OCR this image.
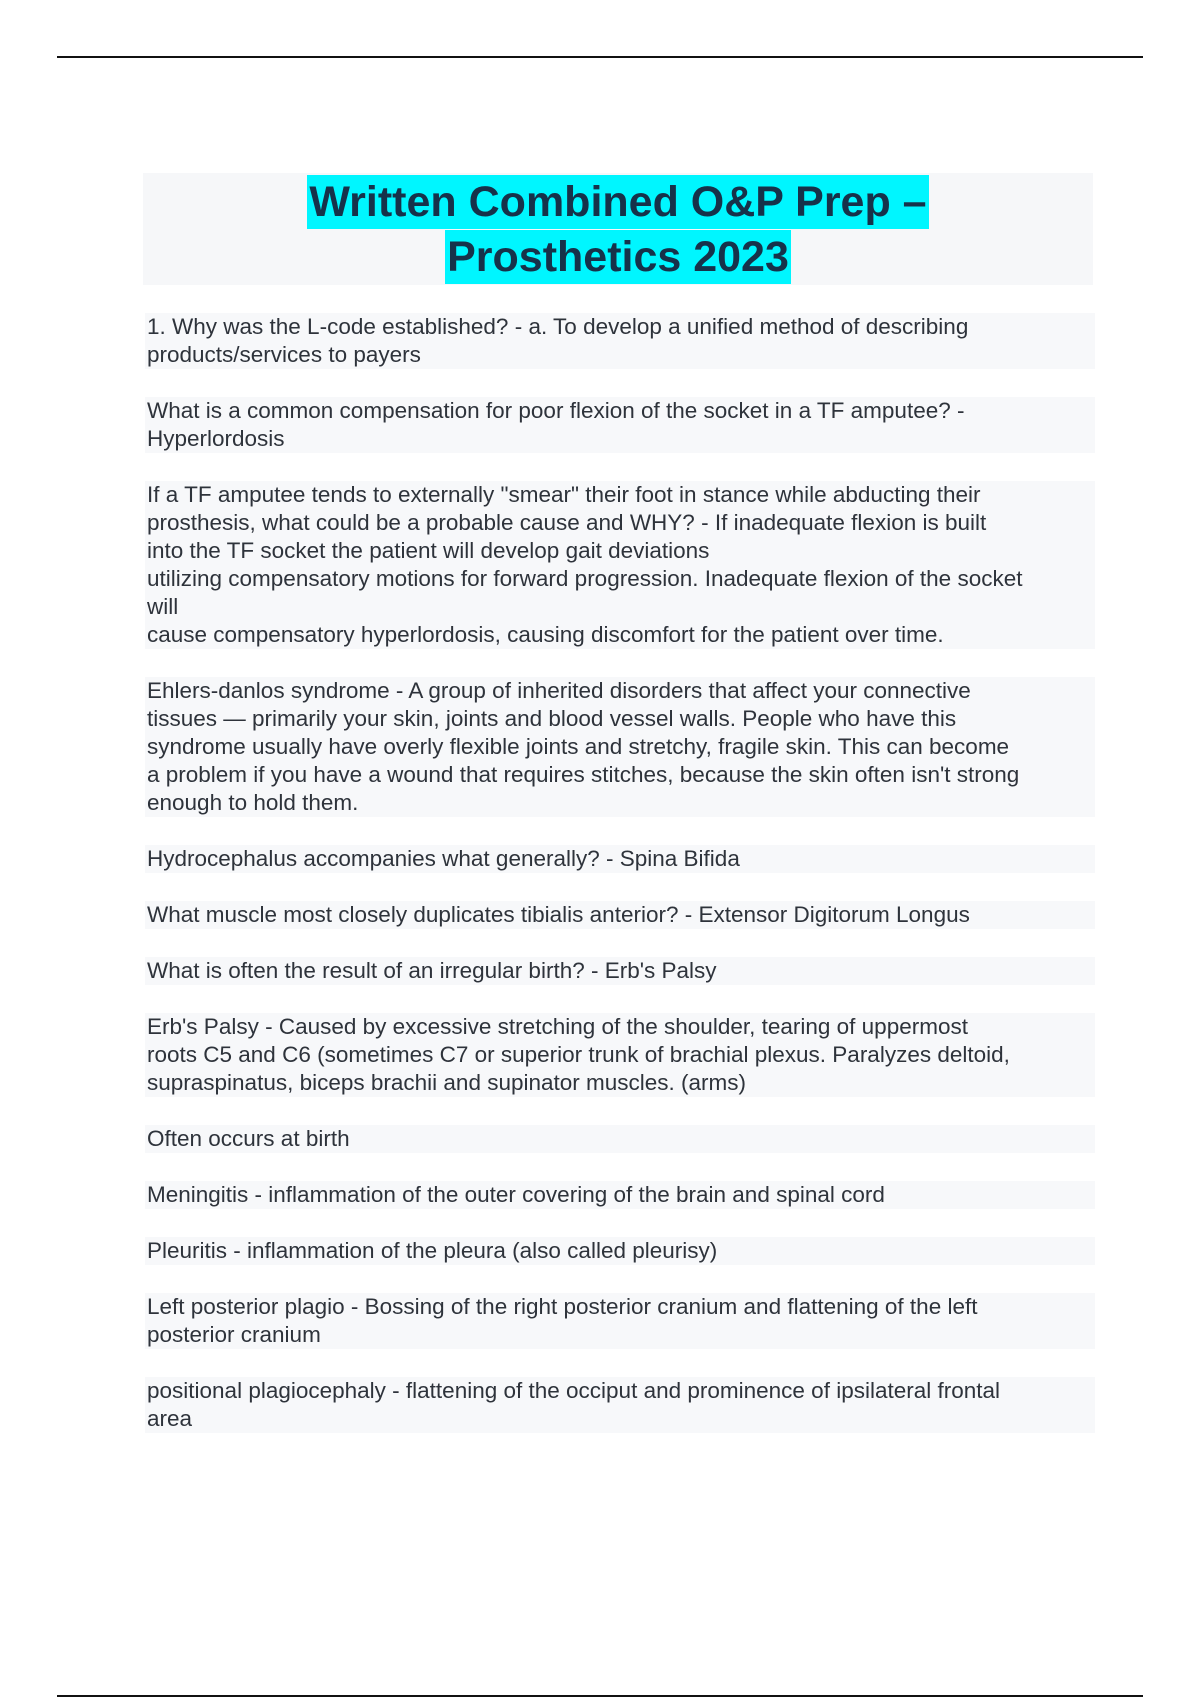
Written Combined O&P Prep –
Prosthetics 2023
1. Why was the L-code established? - a. To develop a unified method of describing
products/services to payers
What is a common compensation for poor flexion of the socket in a TF amputee? -
Hyperlordosis
If a TF amputee tends to externally "smear" their foot in stance while abducting their
prosthesis, what could be a probable cause and WHY? - If inadequate flexion is built
into the TF socket the patient will develop gait deviations
utilizing compensatory motions for forward progression. Inadequate flexion of the socket
will
cause compensatory hyperlordosis, causing discomfort for the patient over time.
Ehlers-danlos syndrome - A group of inherited disorders that affect your connective
tissues — primarily your skin, joints and blood vessel walls. People who have this
syndrome usually have overly flexible joints and stretchy, fragile skin. This can become
a problem if you have a wound that requires stitches, because the skin often isn't strong
enough to hold them.
Hydrocephalus accompanies what generally? - Spina Bifida
What muscle most closely duplicates tibialis anterior? - Extensor Digitorum Longus
What is often the result of an irregular birth? - Erb's Palsy
Erb's Palsy - Caused by excessive stretching of the shoulder, tearing of uppermost
roots C5 and C6 (sometimes C7 or superior trunk of brachial plexus. Paralyzes deltoid,
supraspinatus, biceps brachii and supinator muscles. (arms)
Often occurs at birth
Meningitis - inflammation of the outer covering of the brain and spinal cord
Pleuritis - inflammation of the pleura (also called pleurisy)
Left posterior plagio - Bossing of the right posterior cranium and flattening of the left
posterior cranium
positional plagiocephaly - flattening of the occiput and prominence of ipsilateral frontal
area
